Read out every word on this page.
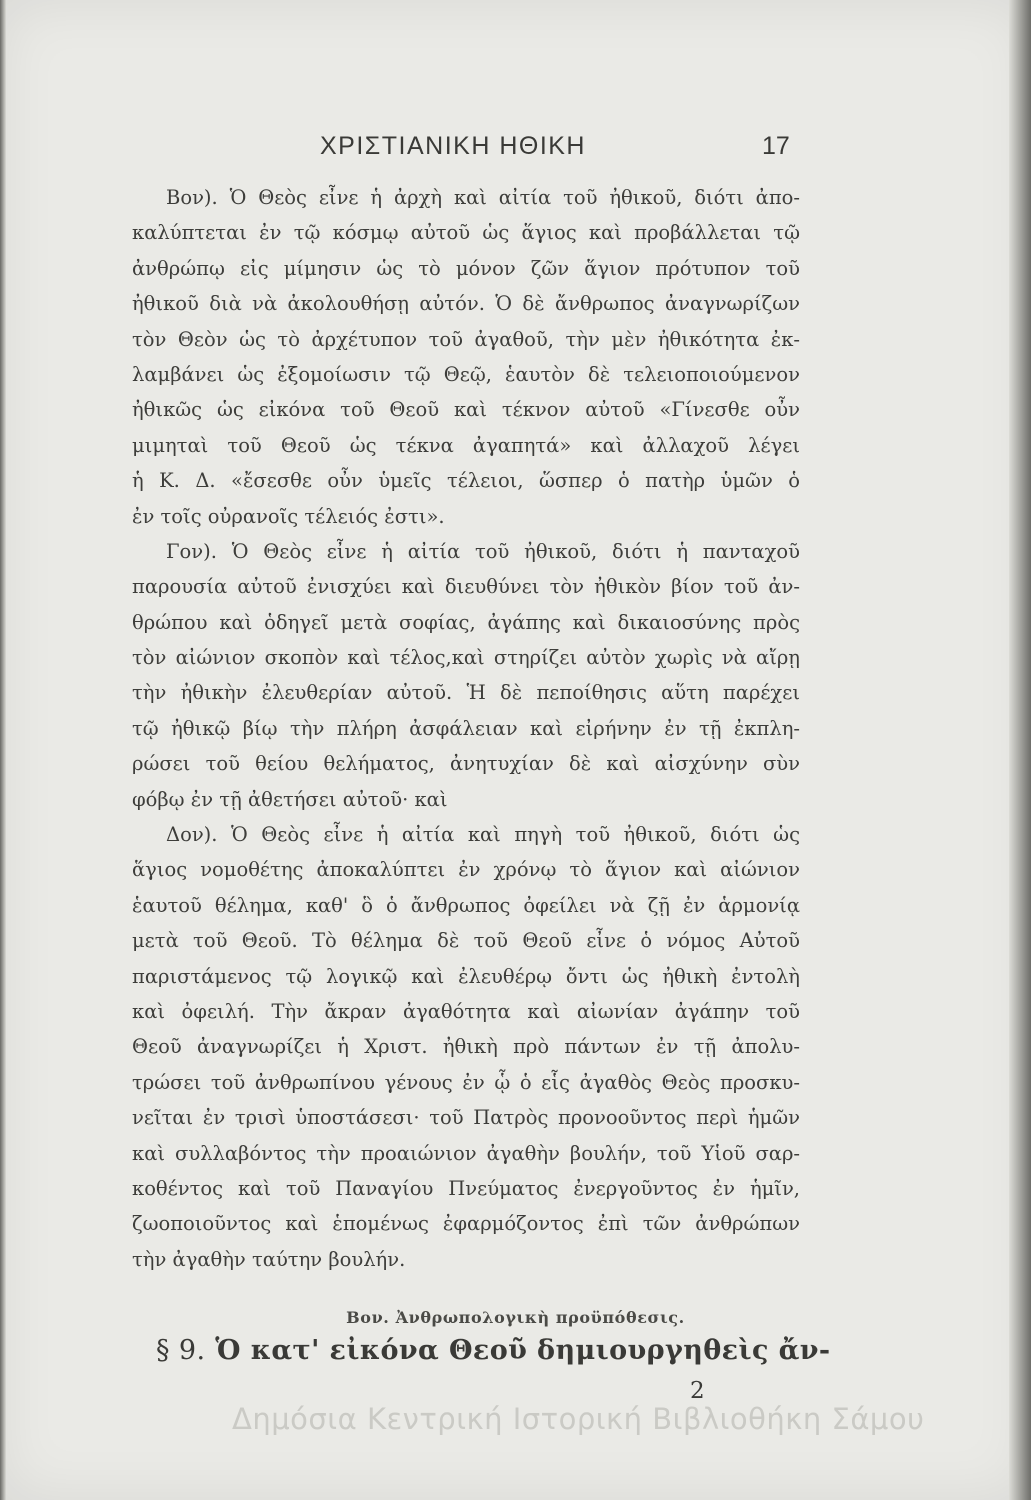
ΧΡΙΣΤΙΑΝΙΚΗ ΗΘΙΚΗ	17
Βον). Ὁ Θεὸς εἶνε ἡ ἀρχὴ καὶ αἰτία τοῦ ἠθικοῦ, διότι ἀπο-
καλύπτεται ἐν τῷ κόσμῳ αὐτοῦ ὡς ἅγιος καὶ προβάλλεται τῷ
ἀνθρώπῳ εἰς μίμησιν ὡς τὸ μόνον ζῶν ἅγιον πρότυπον τοῦ
ἠθικοῦ διὰ νὰ ἀκολουθήσῃ αὐτόν. Ὁ δὲ ἄνθρωπος ἀναγνωρίζων
τὸν Θεὸν ὡς τὸ ἀρχέτυπον τοῦ ἀγαθοῦ, τὴν μὲν ἠθικότητα ἐκ-
λαμβάνει ὡς ἐξομοίωσιν τῷ Θεῷ, ἑαυτὸν δὲ τελειοποιούμενον
ἠθικῶς ὡς εἰκόνα τοῦ Θεοῦ καὶ τέκνον αὐτοῦ «Γίνεσθε οὖν
μιμηταὶ τοῦ Θεοῦ ὡς τέκνα ἀγαπητά» καὶ ἀλλαχοῦ λέγει
ἡ Κ. Δ. «ἔσεσθε οὖν ὑμεῖς τέλειοι, ὥσπερ ὁ πατὴρ ὑμῶν ὁ
ἐν τοῖς οὐρανοῖς τέλειός ἐστι».
Γον). Ὁ Θεὸς εἶνε ἡ αἰτία τοῦ ἠθικοῦ, διότι ἡ πανταχοῦ
παρουσία αὐτοῦ ἐνισχύει καὶ διευθύνει τὸν ἠθικὸν βίον τοῦ ἀν-
θρώπου καὶ ὁδηγεῖ μετὰ σοφίας, ἀγάπης καὶ δικαιοσύνης πρὸς
τὸν αἰώνιον σκοπὸν καὶ τέλος,καὶ στηρίζει αὐτὸν χωρὶς νὰ αἴρῃ
τὴν ἠθικὴν ἐλευθερίαν αὐτοῦ. Ἡ δὲ πεποίθησις αὕτη παρέχει
τῷ ἠθικῷ βίῳ τὴν πλήρη ἀσφάλειαν καὶ εἰρήνην ἐν τῇ ἐκπλη-
ρώσει τοῦ θείου θελήματος, ἀνητυχίαν δὲ καὶ αἰσχύνην σὺν
φόβῳ ἐν τῇ ἀθετήσει αὐτοῦ· καὶ
Δον). Ὁ Θεὸς εἶνε ἡ αἰτία καὶ πηγὴ τοῦ ἠθικοῦ, διότι ὡς
ἅγιος νομοθέτης ἀποκαλύπτει ἐν χρόνῳ τὸ ἅγιον καὶ αἰώνιον
ἑαυτοῦ θέλημα, καθ' ὃ ὁ ἄνθρωπος ὀφείλει νὰ ζῇ ἐν ἁρμονίᾳ
μετὰ τοῦ Θεοῦ. Τὸ θέλημα δὲ τοῦ Θεοῦ εἶνε ὁ νόμος Αὐτοῦ
παριστάμενος τῷ λογικῷ καὶ ἐλευθέρῳ ὄντι ὡς ἠθικὴ ἐντολὴ
καὶ ὀφειλή. Τὴν ἄκραν ἀγαθότητα καὶ αἰωνίαν ἀγάπην τοῦ
Θεοῦ ἀναγνωρίζει ἡ Χριστ. ἠθικὴ πρὸ πάντων ἐν τῇ ἀπολυ-
τρώσει τοῦ ἀνθρωπίνου γένους ἐν ᾧ ὁ εἷς ἀγαθὸς Θεὸς προσκυ-
νεῖται ἐν τρισὶ ὑποστάσεσι· τοῦ Πατρὸς προνοοῦντος περὶ ἡμῶν
καὶ συλλαβόντος τὴν προαιώνιον ἀγαθὴν βουλήν, τοῦ Υἱοῦ σαρ-
κοθέντος καὶ τοῦ Παναγίου Πνεύματος ἐνεργοῦντος ἐν ἡμῖν,
ζωοποιοῦντος καὶ ἑπομένως ἐφαρμόζοντος ἐπὶ τῶν ἀνθρώπων
τὴν ἀγαθὴν ταύτην βουλήν.
Βον. Ἀνθρωπολογικὴ προϋπόθεσις.
§ 9. Ὁ κατ' εἰκόνα Θεοῦ δημιουργηθεὶς ἄν-
2
Δημόσια Κεντρική Ιστορική Βιβλιοθήκη Σάμου
